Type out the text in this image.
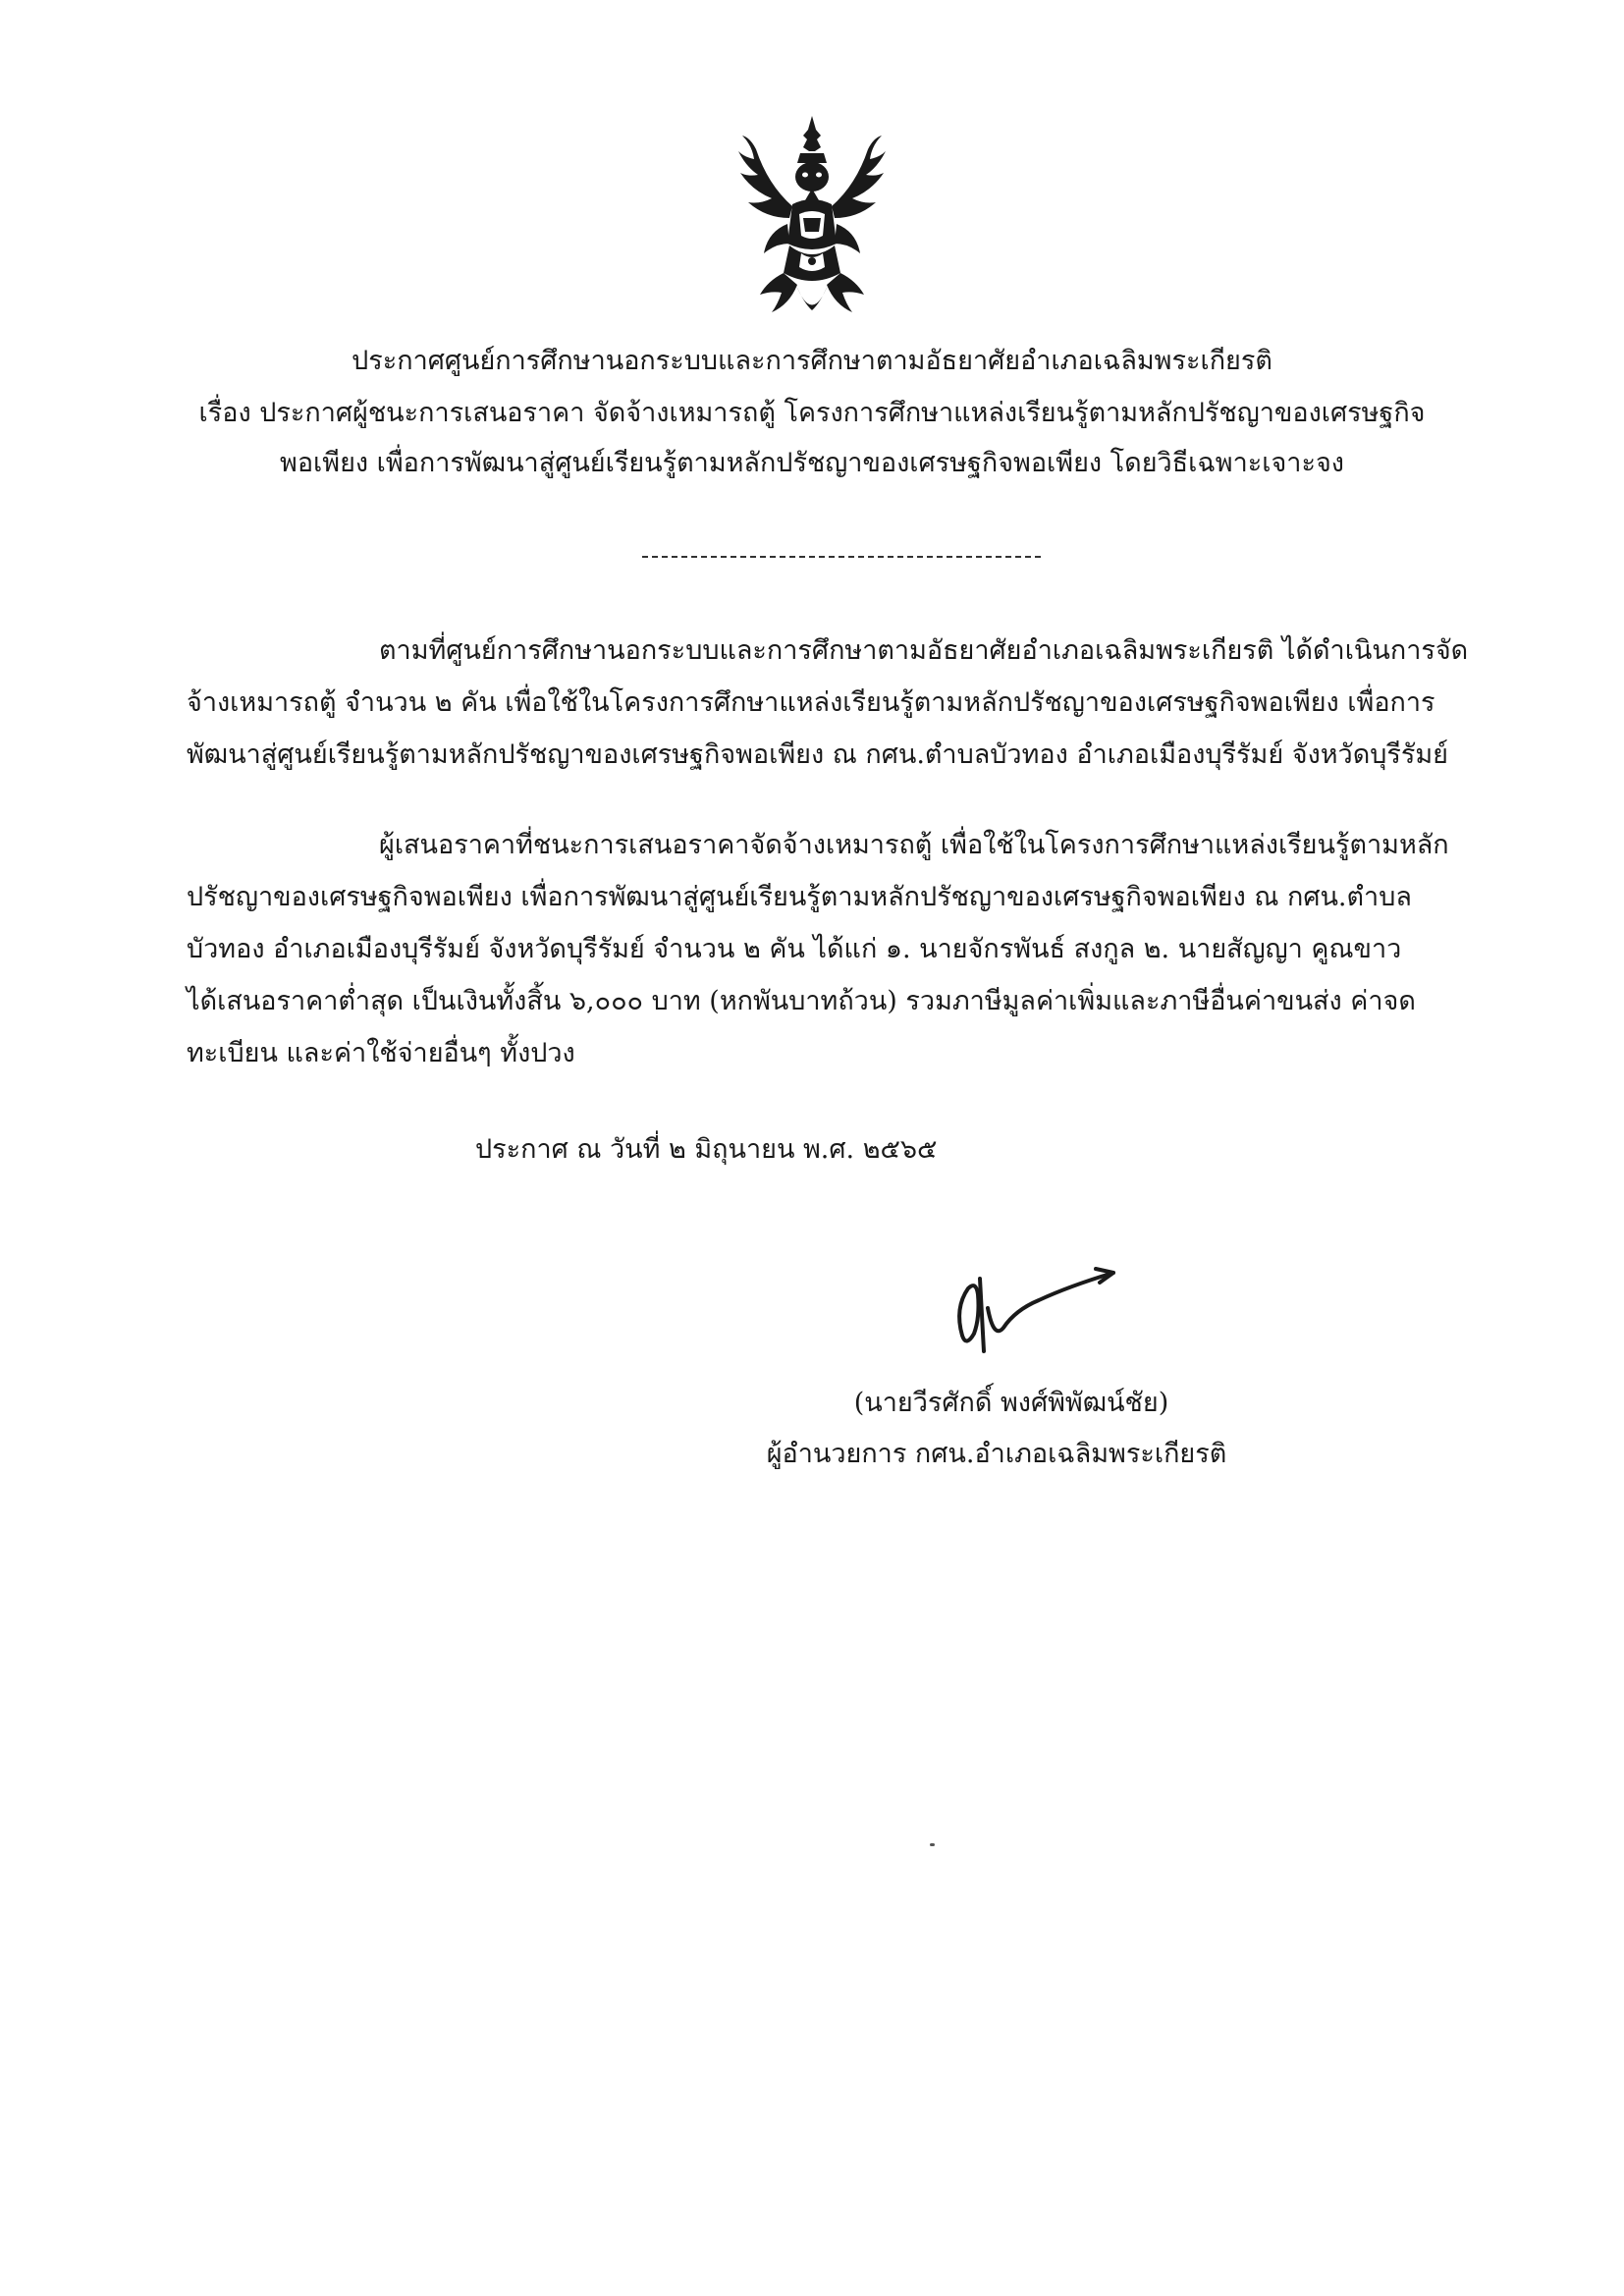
ประกาศศูนย์การศึกษานอกระบบและการศึกษาตามอัธยาศัยอำเภอเฉลิมพระเกียรติ
เรื่อง ประกาศผู้ชนะการเสนอราคา จัดจ้างเหมารถตู้ โครงการศึกษาแหล่งเรียนรู้ตามหลักปรัชญาของเศรษฐกิจ
พอเพียง เพื่อการพัฒนาสู่ศูนย์เรียนรู้ตามหลักปรัชญาของเศรษฐกิจพอเพียง โดยวิธีเฉพาะเจาะจง
ตามที่ศูนย์การศึกษานอกระบบและการศึกษาตามอัธยาศัยอำเภอเฉลิมพระเกียรติ ได้ดำเนินการจัด
จ้างเหมารถตู้ จำนวน ๒ คัน เพื่อใช้ในโครงการศึกษาแหล่งเรียนรู้ตามหลักปรัชญาของเศรษฐกิจพอเพียง เพื่อการ
พัฒนาสู่ศูนย์เรียนรู้ตามหลักปรัชญาของเศรษฐกิจพอเพียง ณ กศน.ตำบลบัวทอง อำเภอเมืองบุรีรัมย์ จังหวัดบุรีรัมย์
ผู้เสนอราคาที่ชนะการเสนอราคาจัดจ้างเหมารถตู้ เพื่อใช้ในโครงการศึกษาแหล่งเรียนรู้ตามหลัก
ปรัชญาของเศรษฐกิจพอเพียง เพื่อการพัฒนาสู่ศูนย์เรียนรู้ตามหลักปรัชญาของเศรษฐกิจพอเพียง ณ กศน.ตำบล
บัวทอง อำเภอเมืองบุรีรัมย์ จังหวัดบุรีรัมย์ จำนวน ๒ คัน ได้แก่ ๑. นายจักรพันธ์ สงกูล ๒. นายสัญญา คูณขาว
ได้เสนอราคาต่ำสุด เป็นเงินทั้งสิ้น ๖,๐๐๐ บาท (หกพันบาทถ้วน) รวมภาษีมูลค่าเพิ่มและภาษีอื่นค่าขนส่ง ค่าจด
ทะเบียน และค่าใช้จ่ายอื่นๆ ทั้งปวง
ประกาศ ณ วันที่ ๒ มิถุนายน พ.ศ. ๒๕๖๕
(นายวีรศักดิ์ พงศ์พิพัฒน์ชัย)
ผู้อำนวยการ กศน.อำเภอเฉลิมพระเกียรติ
